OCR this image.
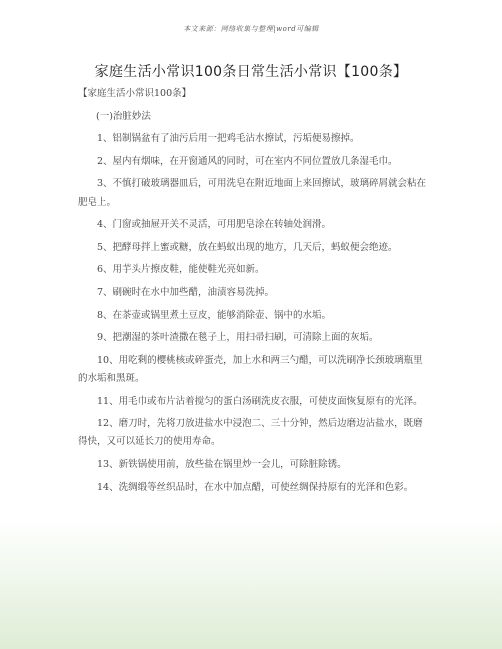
本文来源：网络收集与整理|word可编辑
家庭生活小常识100条日常生活小常识【100条】

【家庭生活小常识100条】

(一)治脏妙法

1、铝制锅盆有了油污后用一把鸡毛沾水擦试，污垢便易擦掉。

2、屋内有烟味，在开窗通风的同时，可在室内不同位置放几条湿毛巾。

3、不慎打破玻璃器皿后，可用洗皂在附近地面上来回擦试，玻璃碎屑就会粘在肥皂上。

4、门窗或抽屉开关不灵活，可用肥皂涂在转轴处润滑。

5、把酵母拌上蜜或糖，放在蚂蚁出现的地方，几天后，蚂蚁便会绝迹。

6、用芋头片擦皮鞋，能使鞋光亮如新。

7、刷碗时在水中加些醋，油渍容易洗掉。

8、在茶壶或锅里煮土豆皮，能够消除壶、锅中的水垢。

9、把潮湿的茶叶渣撒在毯子上，用扫帚扫刷，可清除上面的灰垢。

10、用吃剩的樱桃核或碎蛋壳，加上水和两三勺醋，可以洗刷净长颈玻璃瓶里的水垢和黑斑。

11、用毛巾或布片沾着搅匀的蛋白汤刷洗皮衣服，可使皮面恢复原有的光泽。

12、磨刀时，先将刀放进盐水中浸泡二、三十分钟，然后边磨边沾盐水，既磨得快，又可以延长刀的使用寿命。

13、新铁锅使用前，放些盐在锅里炒一会儿，可除脏除锈。

14、洗绸缎等丝织品时，在水中加点醋，可使丝绸保持原有的光泽和色彩。
